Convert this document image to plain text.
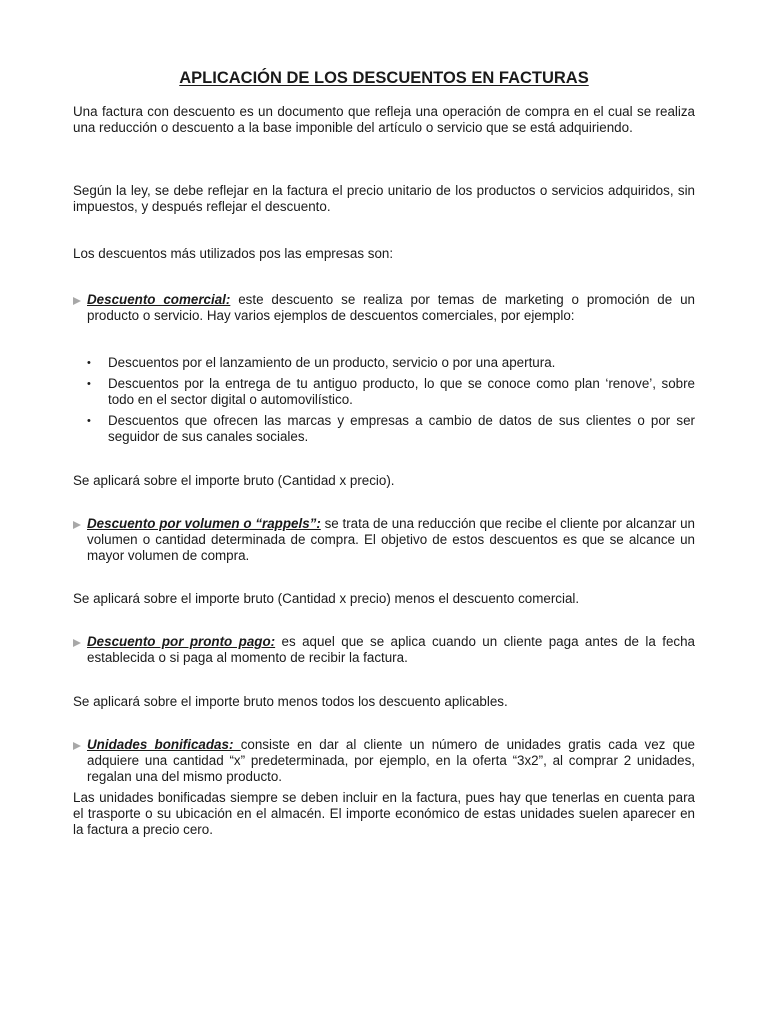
APLICACIÓN DE LOS DESCUENTOS EN FACTURAS

Una factura con descuento es un documento que refleja una operación de compra en el cual se realiza una reducción o descuento a la base imponible del artículo o servicio que se está adquiriendo.

Según la ley, se debe reflejar en la factura el precio unitario de los productos o servicios adquiridos, sin impuestos, y después reflejar el descuento.

Los descuentos más utilizados pos las empresas son:

Descuento comercial: este descuento se realiza por temas de marketing o promoción de un producto o servicio. Hay varios ejemplos de descuentos comerciales, por ejemplo:
• Descuentos por el lanzamiento de un producto, servicio o por una apertura.
• Descuentos por la entrega de tu antiguo producto, lo que se conoce como plan ‘renove’, sobre todo en el sector digital o automovilístico.
• Descuentos que ofrecen las marcas y empresas a cambio de datos de sus clientes o por ser seguidor de sus canales sociales.

Se aplicará sobre el importe bruto (Cantidad x precio).

Descuento por volumen o “rappels”: se trata de una reducción que recibe el cliente por alcanzar un volumen o cantidad determinada de compra. El objetivo de estos descuentos es que se alcance un mayor volumen de compra.

Se aplicará sobre el importe bruto (Cantidad x precio) menos el descuento comercial.

Descuento por pronto pago: es aquel que se aplica cuando un cliente paga antes de la fecha establecida o si paga al momento de recibir la factura.

Se aplicará sobre el importe bruto menos todos los descuento aplicables.

Unidades bonificadas: consiste en dar al cliente un número de unidades gratis cada vez que adquiere una cantidad “x” predeterminada, por ejemplo, en la oferta “3x2”, al comprar 2 unidades, regalan una del mismo producto.

Las unidades bonificadas siempre se deben incluir en la factura, pues hay que tenerlas en cuenta para el trasporte o su ubicación en el almacén. El importe económico de estas unidades suelen aparecer en la factura a precio cero.
